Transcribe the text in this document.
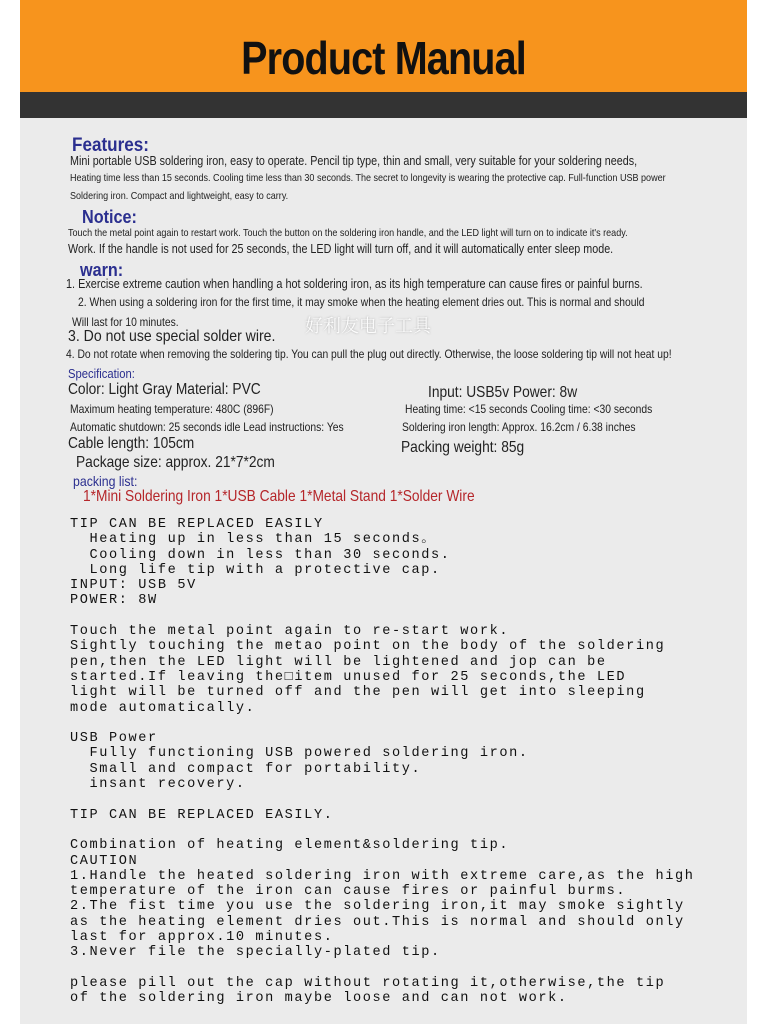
Product Manual
好利友电子工具
Features:
Mini portable USB soldering iron, easy to operate. Pencil tip type, thin and small, very suitable for your soldering needs,
Heating time less than 15 seconds. Cooling time less than 30 seconds. The secret to longevity is wearing the protective cap. Full-function USB power
Soldering iron. Compact and lightweight, easy to carry.
Notice:
Touch the metal point again to restart work. Touch the button on the soldering iron handle, and the LED light will turn on to indicate it's ready.
Work. If the handle is not used for 25 seconds, the LED light will turn off, and it will automatically enter sleep mode.
warn:
1. Exercise extreme caution when handling a hot soldering iron, as its high temperature can cause fires or painful burns.
2. When using a soldering iron for the first time, it may smoke when the heating element dries out. This is normal and should
Will last for 10 minutes.
3. Do not use special solder wire.
4. Do not rotate when removing the soldering tip. You can pull the plug out directly. Otherwise, the loose soldering tip will not heat up!
Specification:
Color: Light Gray Material: PVC
Maximum heating temperature: 480C (896F)
Automatic shutdown: 25 seconds idle Lead instructions: Yes
Cable length: 105cm
Package size: approx. 21*7*2cm
Input: USB5v Power: 8w
Heating time: <15 seconds Cooling time: <30 seconds
Soldering iron length: Approx. 16.2cm / 6.38 inches
Packing weight: 85g
packing list:
1*Mini Soldering Iron 1*USB Cable 1*Metal Stand 1*Solder Wire
TIP CAN BE REPLACED EASILY
Heating up in less than 15 seconds。
Cooling down in less than 30 seconds.
Long life tip with a protective cap.
INPUT: USB 5V
POWER: 8W

Touch the metal point again to re-start work.
Sightly touching the metao point on the body of the soldering
pen,then the LED light will be lightened and jop can be
started.If leaving the□item unused for 25 seconds,the LED
light will be turned off and the pen will get into sleeping
mode automatically.

USB Power
Fully functioning USB powered soldering iron.
Small and compact for portability.
insant recovery.

TIP CAN BE REPLACED EASILY.

Combination of heating element&soldering tip.
CAUTION
1.Handle the heated soldering iron with extreme care,as the high
temperature of the iron can cause fires or painful burms.
2.The fist time you use the soldering iron,it may smoke sightly
as the heating element dries out.This is normal and should only
last for approx.10 minutes.
3.Never file the specially-plated tip.

please pill out the cap without rotating it,otherwise,the tip
of the soldering iron maybe loose and can not work.
